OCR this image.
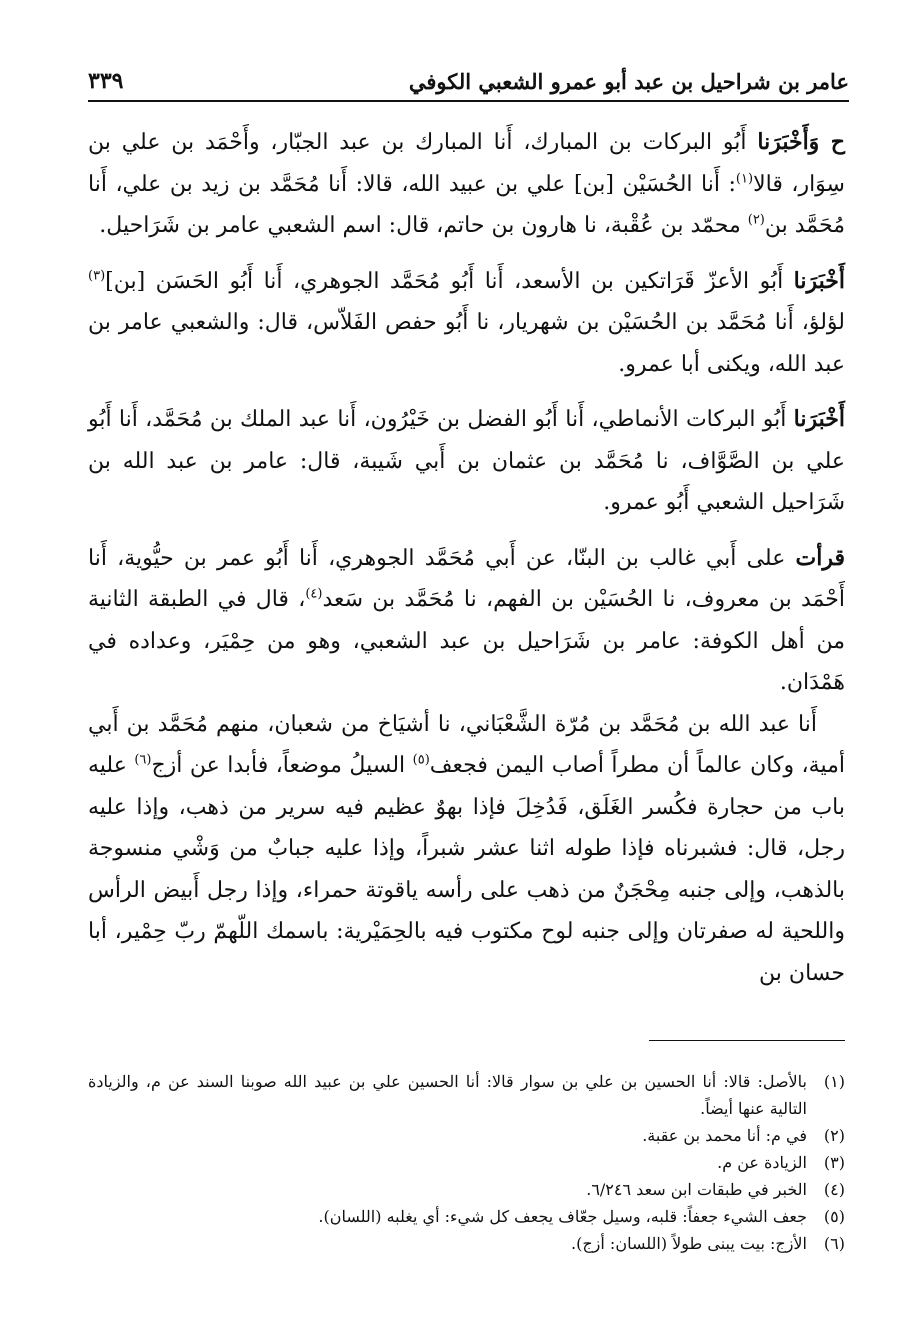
عامر بن شراحيل بن عبد أبو عمرو الشعبي الكوفي
٣٣٩

ح وَأَخْبَرَنا أَبُو البركات بن المبارك، أَنا المبارك بن عبد الجبّار، وأَحْمَد بن علي بن سِوَار، قالا$^{(١)}$: أَنا الحُسَيْن [بن] علي بن عبيد الله، قالا: أَنا مُحَمَّد بن زيد بن علي، أَنا مُحَمَّد بن$^{(٢)}$ محمّد بن عُقْبة، نا هارون بن حاتم، قال: اسم الشعبي عامر بن شَرَاحيل.

أَخْبَرَنا أَبُو الأعزّ قَرَاتكين بن الأسعد، أَنا أَبُو مُحَمَّد الجوهري، أَنا أَبُو الحَسَن [بن]$^{(٣)}$ لؤلؤ، أَنا مُحَمَّد بن الحُسَيْن بن شهريار، نا أَبُو حفص الفَلاّس، قال: والشعبي عامر بن عبد الله، ويكنى أبا عمرو.

أَخْبَرَنا أَبُو البركات الأنماطي، أَنا أَبُو الفضل بن خَيْرُون، أَنا عبد الملك بن مُحَمَّد، أَنا أَبُو علي بن الصَّوَّاف، نا مُحَمَّد بن عثمان بن أَبي شَيبة، قال: عامر بن عبد الله بن شَرَاحيل الشعبي أَبُو عمرو.

قرأت على أَبي غالب بن البنّا، عن أَبي مُحَمَّد الجوهري، أَنا أَبُو عمر بن حيُّوية، أَنا أَحْمَد بن معروف، نا الحُسَيْن بن الفهم، نا مُحَمَّد بن سَعد$^{(٤)}$، قال في الطبقة الثانية من أهل الكوفة: عامر بن شَرَاحيل بن عبد الشعبي، وهو من حِمْيَر، وعداده في هَمْدَان.

أَنا عبد الله بن مُحَمَّد بن مُرّة الشَّعْبَاني، نا أشيَاخ من شعبان، منهم مُحَمَّد بن أَبي أمية، وكان عالماً أن مطراً أصاب اليمن فجعف$^{(٥)}$ السيلُ موضعاً، فأبدا عن أزج$^{(٦)}$ عليه باب من حجارة فكُسر الغَلَق، فَدُخِلَ فإذا بهوٌ عظيم فيه سرير من ذهب، وإذا عليه رجل، قال: فشبرناه فإذا طوله اثنا عشر شبراً، وإذا عليه جبابٌ من وَشْي منسوجة بالذهب، وإلى جنبه مِحْجَنٌ من ذهب على رأسه ياقوتة حمراء، وإذا رجل أَبيض الرأس واللحية له صفرتان وإلى جنبه لوح مكتوب فيه بالحِمَيْرية: باسمك اللّهمّ ربّ حِمْير، أبا حسان بن

(١)
بالأصل: قالا: أنا الحسين بن علي بن سوار قالا: أنا الحسين علي بن عبيد الله صوبنا السند عن م، والزيادة التالية عنها أيضاً.
(٢)
في م: أنا محمد بن عقبة.
(٣)
الزيادة عن م.
(٤)
الخبر في طبقات ابن سعد ٦/٢٤٦.
(٥)
جعف الشيء جعفاً: قلبه، وسيل جعّاف يجعف كل شيء: أي يغلبه (اللسان).
(٦)
الأزج: بيت يبنى طولاً (اللسان: أزج).
